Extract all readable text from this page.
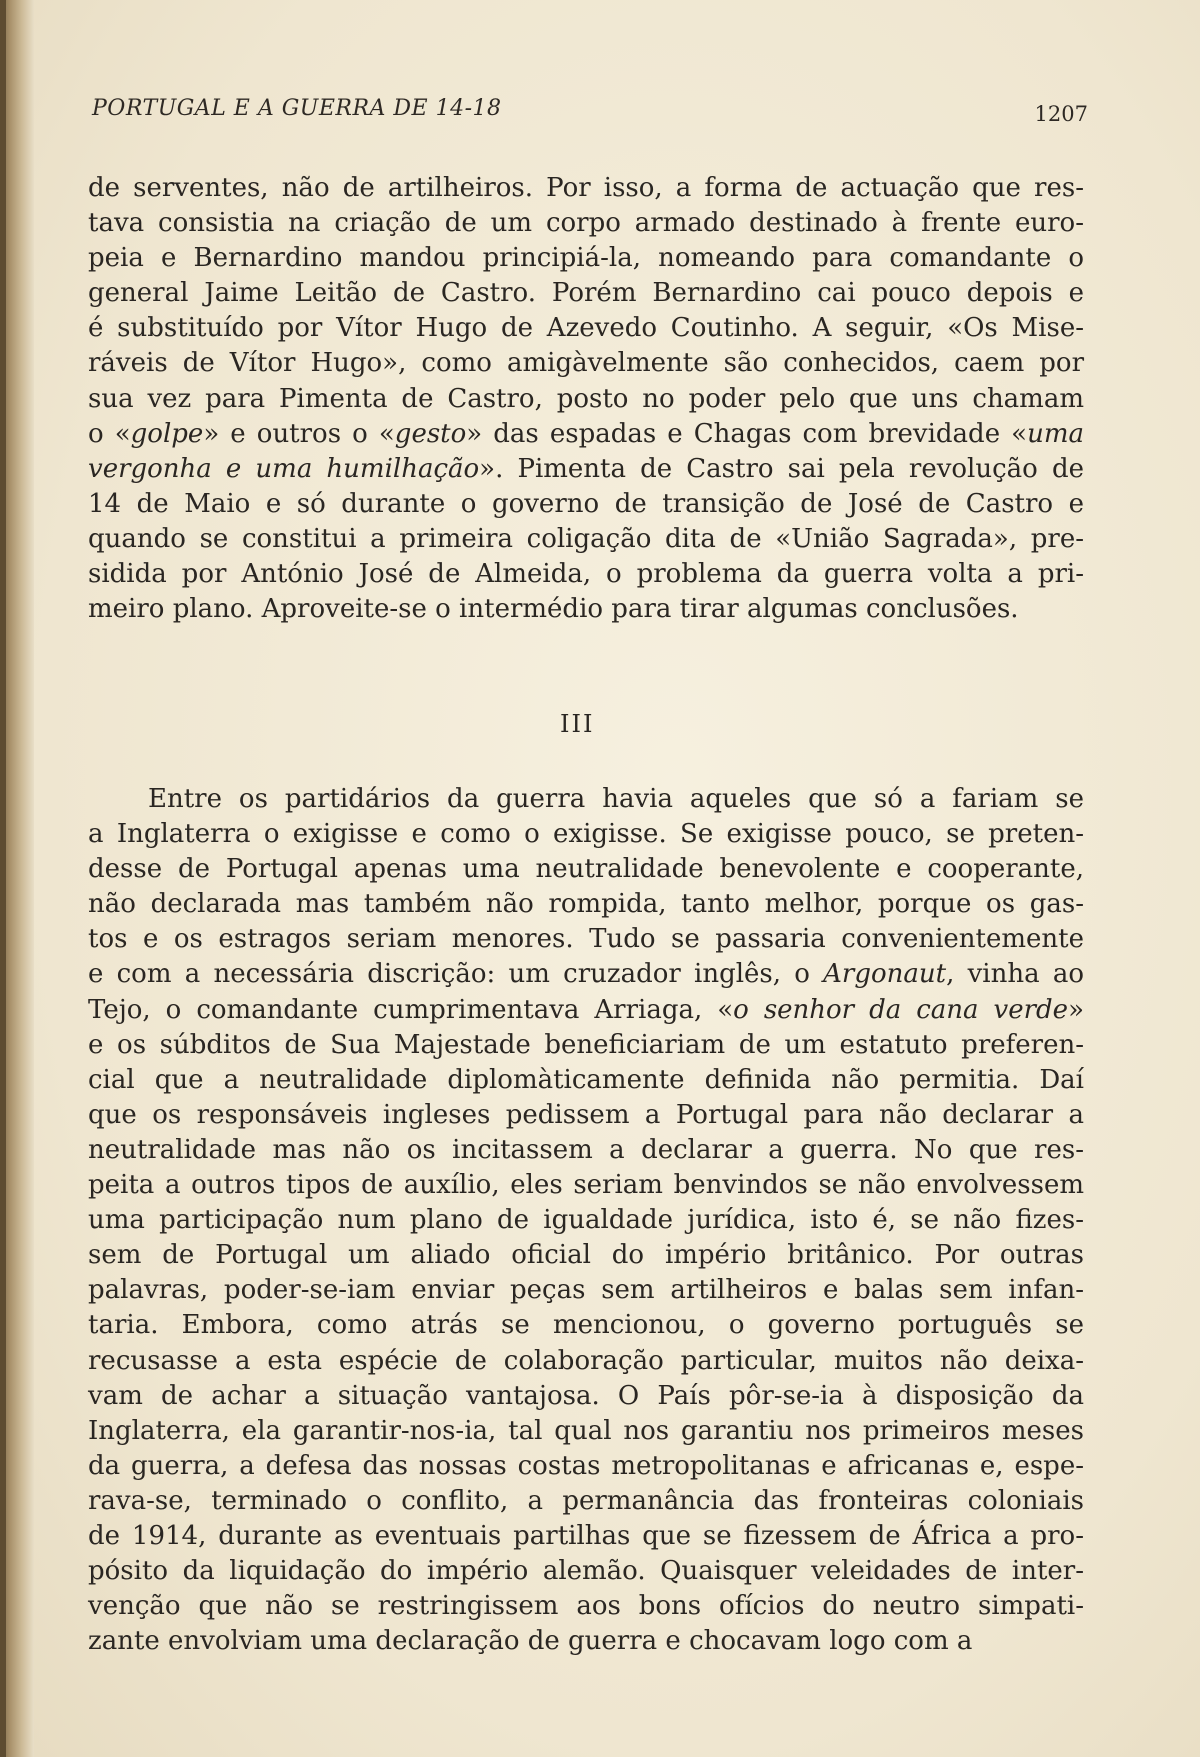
PORTUGAL E A GUERRA DE 14-18	1207
de serventes, não de artilheiros. Por isso, a forma de actuação que res-
tava consistia na criação de um corpo armado destinado à frente euro-
peia e Bernardino mandou principiá-la, nomeando para comandante o
general Jaime Leitão de Castro. Porém Bernardino cai pouco depois e
é substituído por Vítor Hugo de Azevedo Coutinho. A seguir, «Os Mise-
ráveis de Vítor Hugo», como amigàvelmente são conhecidos, caem por
sua vez para Pimenta de Castro, posto no poder pelo que uns chamam
o «golpe» e outros o «gesto» das espadas e Chagas com brevidade «uma
vergonha e uma humilhação». Pimenta de Castro sai pela revolução de
14 de Maio e só durante o governo de transição de José de Castro e
quando se constitui a primeira coligação dita de «União Sagrada», pre-
sidida por António José de Almeida, o problema da guerra volta a pri-
meiro plano. Aproveite-se o intermédio para tirar algumas conclusões.
III
Entre os partidários da guerra havia aqueles que só a fariam se
a Inglaterra o exigisse e como o exigisse. Se exigisse pouco, se preten-
desse de Portugal apenas uma neutralidade benevolente e cooperante,
não declarada mas também não rompida, tanto melhor, porque os gas-
tos e os estragos seriam menores. Tudo se passaria convenientemente
e com a necessária discrição: um cruzador inglês, o Argonaut, vinha ao
Tejo, o comandante cumprimentava Arriaga, «o senhor da cana verde»
e os súbditos de Sua Majestade beneficiariam de um estatuto preferen-
cial que a neutralidade diplomàticamente definida não permitia. Daí
que os responsáveis ingleses pedissem a Portugal para não declarar a
neutralidade mas não os incitassem a declarar a guerra. No que res-
peita a outros tipos de auxílio, eles seriam benvindos se não envolvessem
uma participação num plano de igualdade jurídica, isto é, se não fizes-
sem de Portugal um aliado oficial do império britânico. Por outras
palavras, poder-se-iam enviar peças sem artilheiros e balas sem infan-
taria. Embora, como atrás se mencionou, o governo português se
recusasse a esta espécie de colaboração particular, muitos não deixa-
vam de achar a situação vantajosa. O País pôr-se-ia à disposição da
Inglaterra, ela garantir-nos-ia, tal qual nos garantiu nos primeiros meses
da guerra, a defesa das nossas costas metropolitanas e africanas e, espe-
rava-se, terminado o conflito, a permanância das fronteiras coloniais
de 1914, durante as eventuais partilhas que se fizessem de África a pro-
pósito da liquidação do império alemão. Quaisquer veleidades de inter-
venção que não se restringissem aos bons ofícios do neutro simpati-
zante envolviam uma declaração de guerra e chocavam logo com a
